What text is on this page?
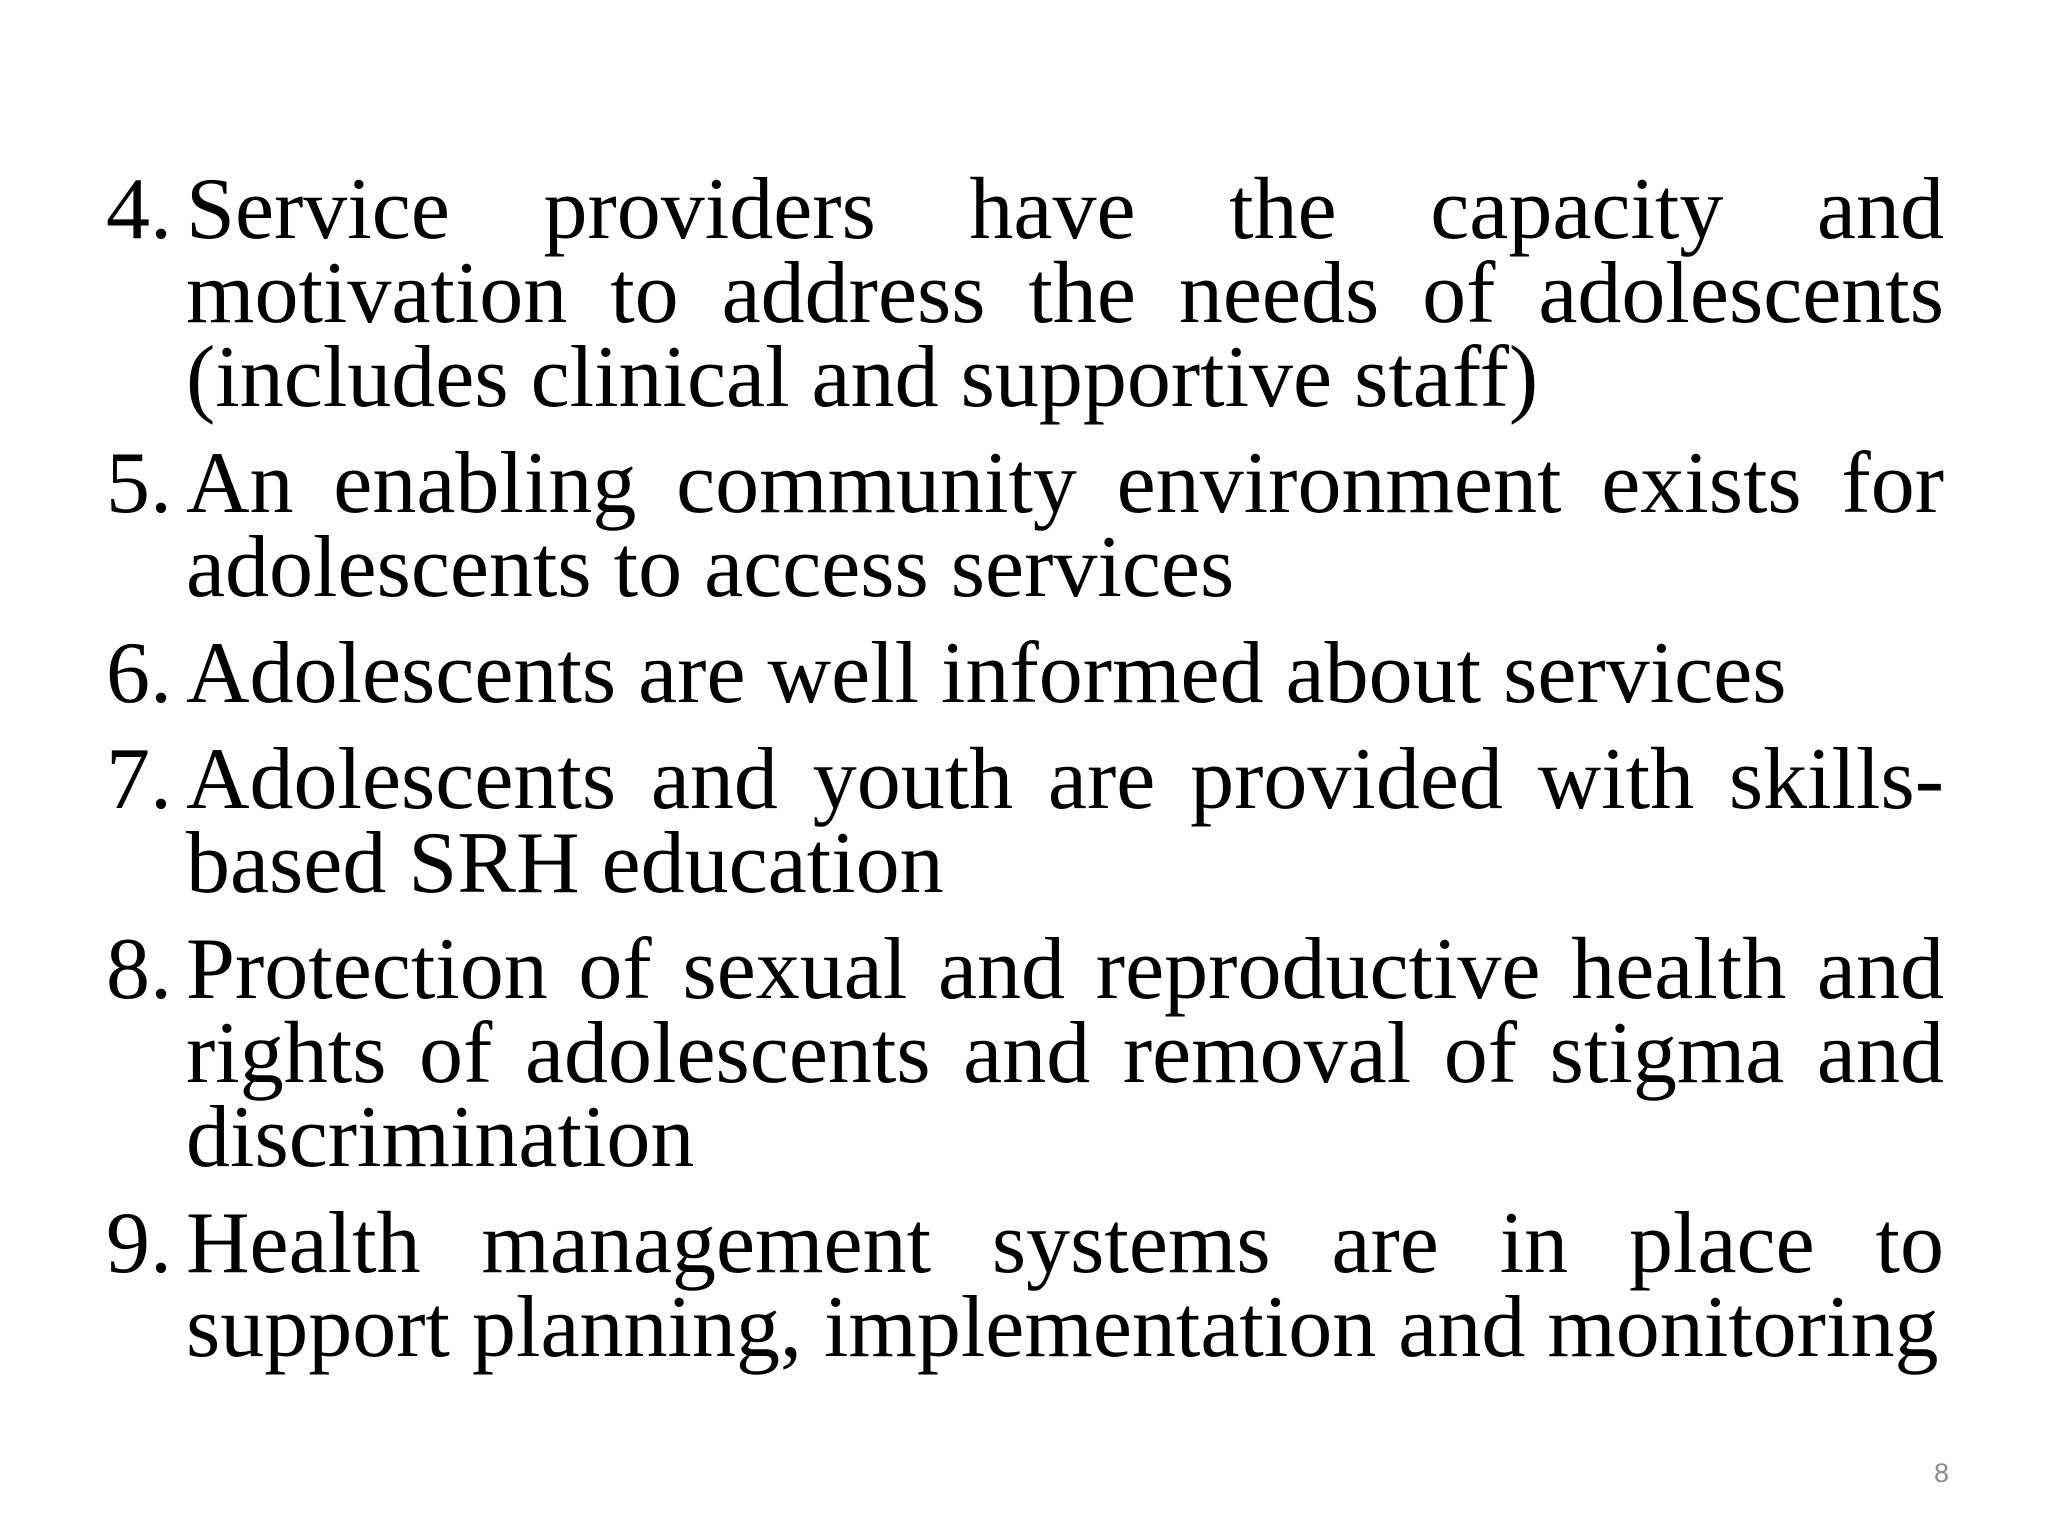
4. Service providers have the capacity and motivation to address the needs of adolescents (includes clinical and supportive staff)
5. An enabling community environment exists for adolescents to access services
6. Adolescents are well informed about services
7. Adolescents and youth are provided with skills-based SRH education
8. Protection of sexual and reproductive health and rights of adolescents and removal of stigma and discrimination
9. Health management systems are in place to support planning, implementation and monitoring
8
